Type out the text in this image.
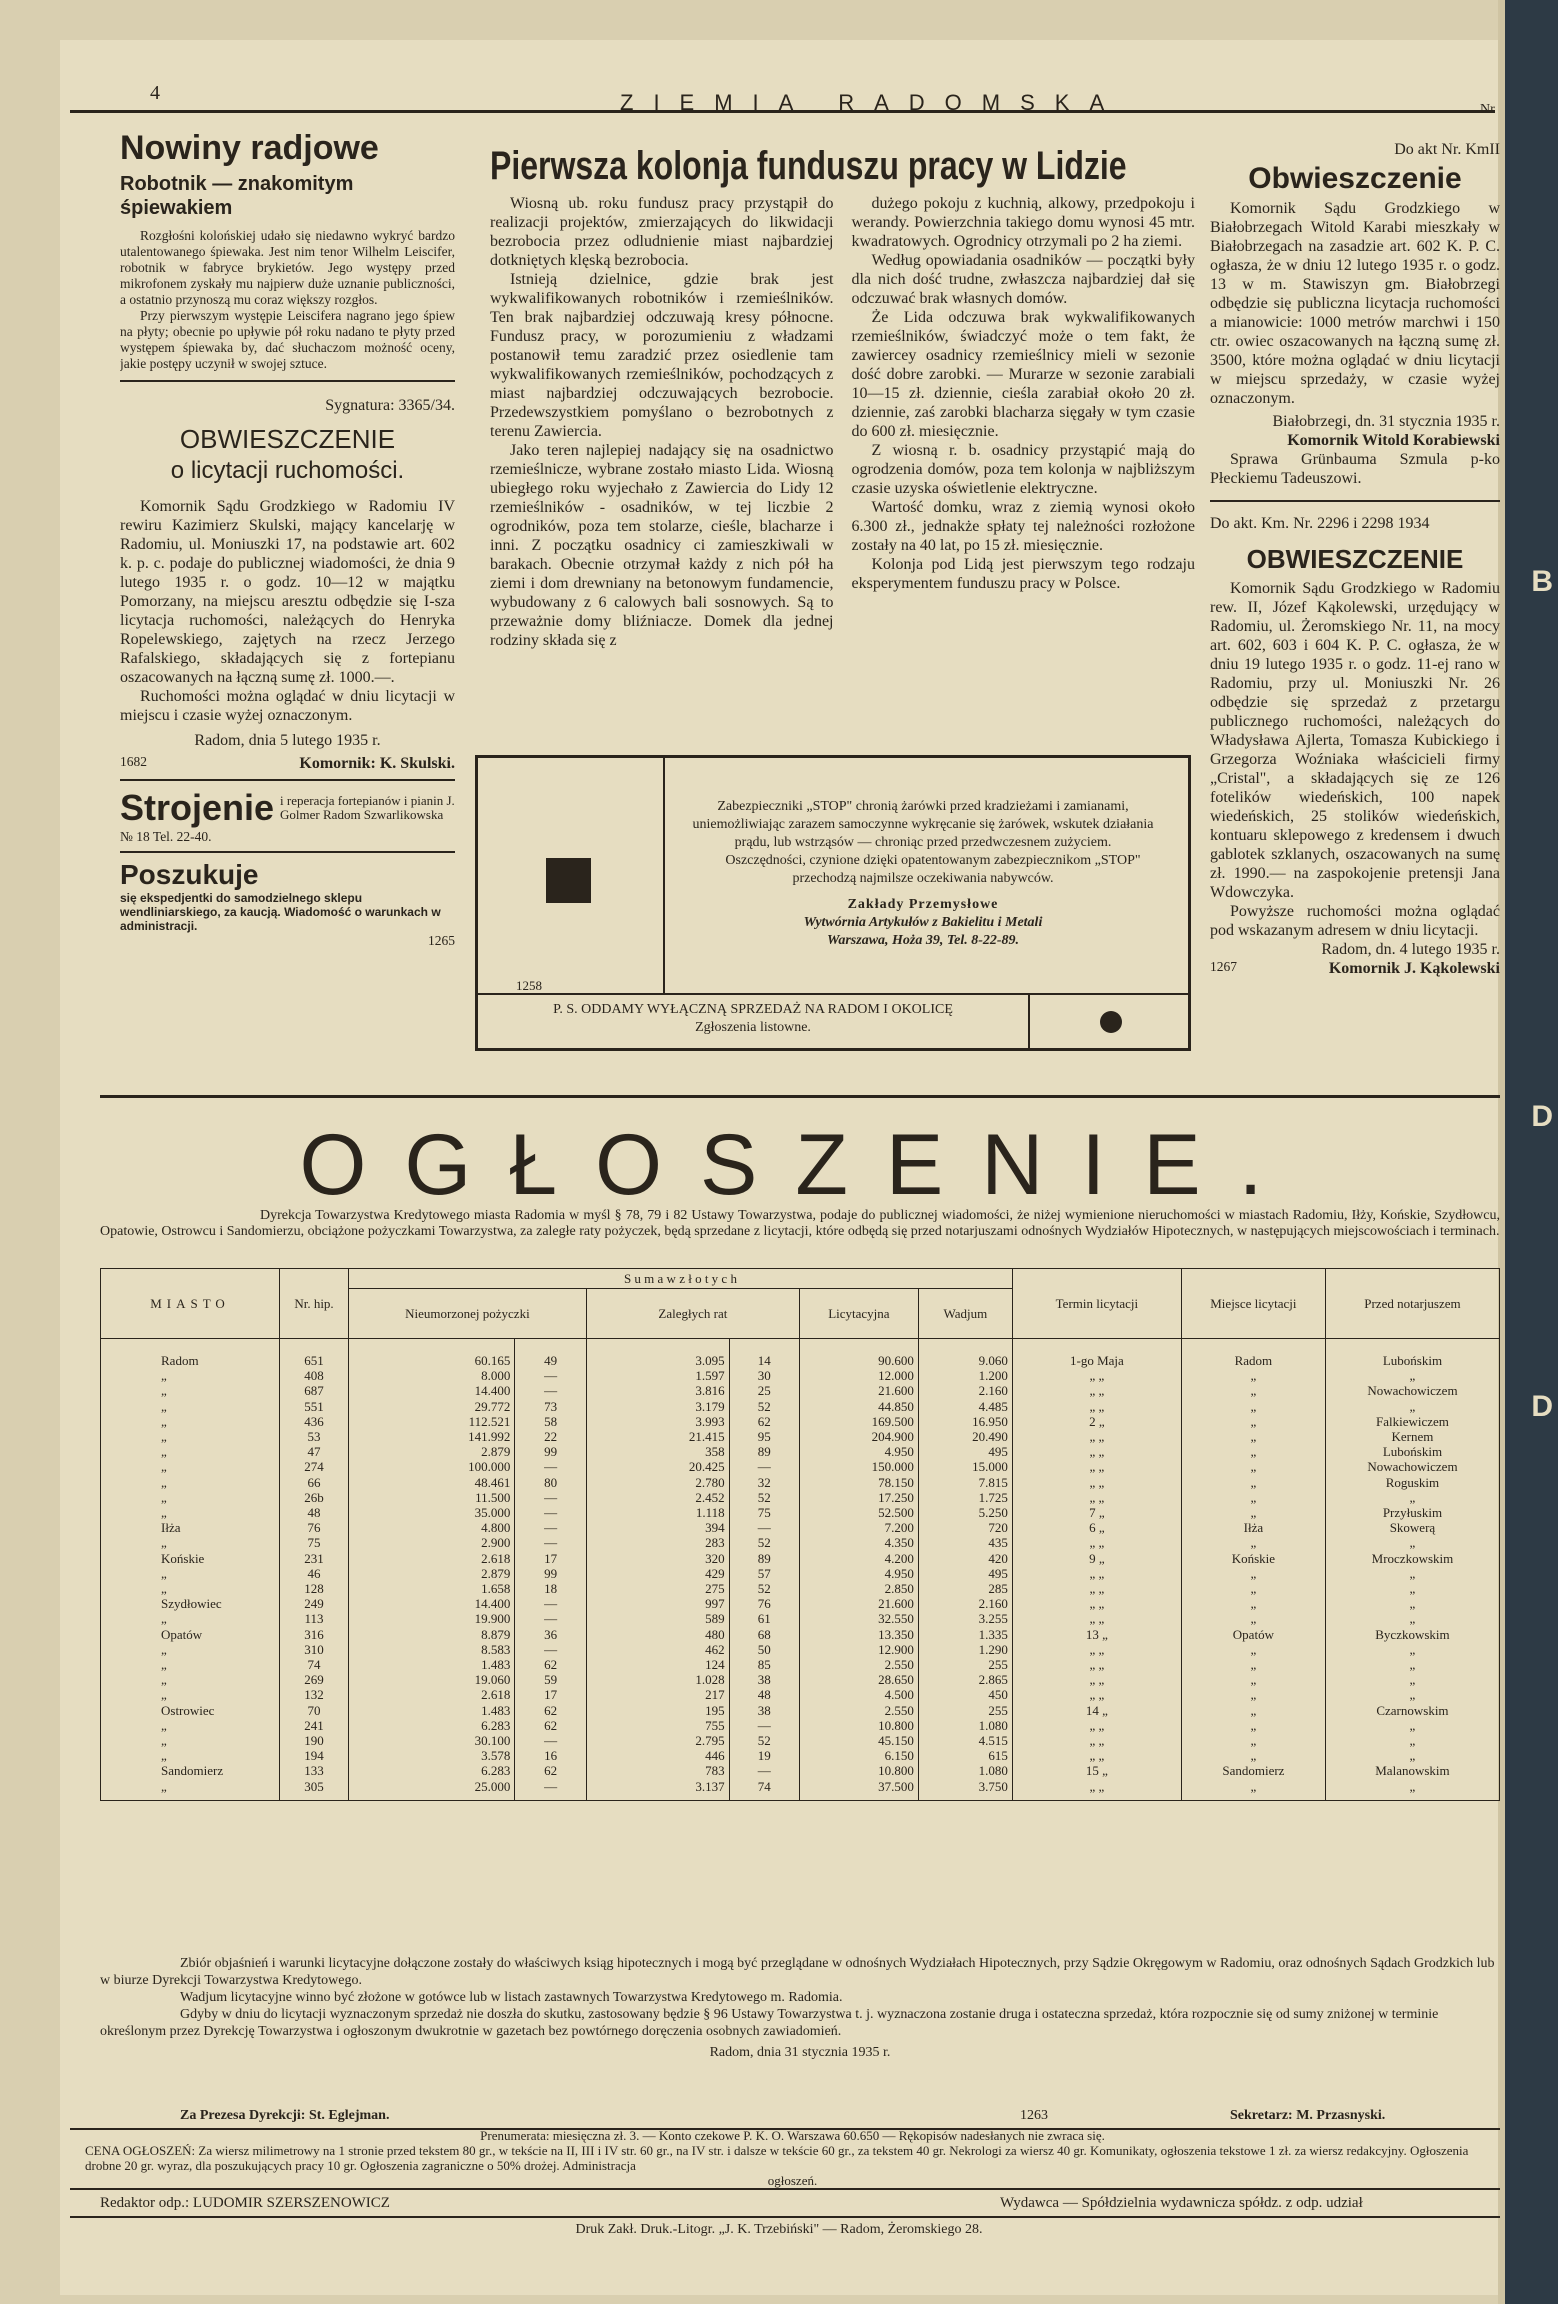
4	ZIEMIA RADOMSKA	Nr
Nowiny radjowe
Robotnik — znakomitym śpiewakiem

Rozgłośni kolońskiej udało się niedawno wykryć bardzo utalentowanego śpiewaka. Jest nim tenor Wilhelm Leiscifer, robotnik w fabryce brykietów. Jego występy przed mikrofonem zyskały mu najpierw duże uznanie publiczności, a ostatnio przynoszą mu coraz większy rozgłos.

Przy pierwszym występie Leiscifera nagrano jego śpiew na płyty; obecnie po upływie pół roku nadano te płyty przed występem śpiewaka by, dać słuchaczom możność oceny, jakie postępy uczynił w swojej sztuce.

Sygnatura: 3365/34.

OBWIESZCZENIE
o licytacji ruchomości.

Komornik Sądu Grodzkiego w Radomiu IV rewiru Kazimierz Skulski, mający kancelarję w Radomiu, ul. Moniuszki 17, na podstawie art. 602 k. p. c. podaje do publicznej wiadomości, że dnia 9 lutego 1935 r. o godz. 10—12 w majątku Pomorzany, na miejscu aresztu odbędzie się I-sza licytacja ruchomości, należących do Henryka Ropelewskiego, zajętych na rzecz Jerzego Rafalskiego, składających się z fortepianu oszacowanych na łączną sumę zł. 1000.—.

Ruchomości można oglądać w dniu licytacji w miejscu i czasie wyżej oznaczonym.

Radom, dnia 5 lutego 1935 r.

1682	Komornik: K. Skulski.
Strojenie i reperacja fortepianów i pianin J. Golmer Radom Szwarlikowska
№ 18 Tel. 22-40.
Poszukuje
się ekspedjentki do samodzielnego sklepu wendliniarskiego, za kaucją. Wiadomość o warunkach w administracji.
1265
Pierwsza kolonja funduszu pracy w Lidzie

Wiosną ub. roku fundusz pracy przystąpił do realizacji projektów, zmierzających do likwidacji bezrobocia przez odludnienie miast najbardziej dotkniętych klęską bezrobocia.

Istnieją dzielnice, gdzie brak jest wykwalifikowanych robotników i rzemieślników. Ten brak najbardziej odczuwają kresy północne. Fundusz pracy, w porozumieniu z władzami postanowił temu zaradzić przez osiedlenie tam wykwalifikowanych rzemieślników, pochodzących z miast najbardziej odczuwających bezrobocie. Przedewszystkiem pomyślano o bezrobotnych z terenu Zawiercia.

Jako teren najlepiej nadający się na osadnictwo rzemieślnicze, wybrane zostało miasto Lida. Wiosną ubiegłego roku wyjechało z Zawiercia do Lidy 12 rzemieślników - osadników, w tej liczbie 2 ogrodników, poza tem stolarze, cieśle, blacharze i inni. Z początku osadnicy ci zamieszkiwali w barakach. Obecnie otrzymał każdy z nich pół ha ziemi i dom drewniany na betonowym fundamencie, wybudowany z 6 calowych bali sosnowych. Są to przeważnie domy bliźniacze. Domek dla jednej rodziny składa się z

dużego pokoju z kuchnią, alkowy, przedpokoju i werandy. Powierzchnia takiego domu wynosi 45 mtr. kwadratowych. Ogrodnicy otrzymali po 2 ha ziemi.

Według opowiadania osadników — początki były dla nich dość trudne, zwłaszcza najbardziej dał się odczuwać brak własnych domów.

Że Lida odczuwa brak wykwalifikowanych rzemieślników, świadczyć może o tem fakt, że zawiercey osadnicy rzemieślnicy mieli w sezonie dość dobre zarobki. — Murarze w sezonie zarabiali 10—15 zł. dziennie, cieśla zarabiał około 20 zł. dziennie, zaś zarobki blacharza sięgały w tym czasie do 600 zł. miesięcznie.

Z wiosną r. b. osadnicy przystąpić mają do ogrodzenia domów, poza tem kolonja w najbliższym czasie uzyska oświetlenie elektryczne.

Wartość domku, wraz z ziemią wynosi około 6.300 zł., jednakże spłaty tej należności rozłożone zostały na 40 lat, po 15 zł. miesięcznie.

Kolonja pod Lidą jest pierwszym tego rodzaju eksperymentem funduszu pracy w Polsce.

1258

Zabezpieczniki „STOP" chronią żarówki przed kradzieżami i zamianami, uniemożliwiając zarazem samoczynne wykręcanie się żarówek, wskutek działania prądu, lub wstrząsów — chroniąc przed przedwczesnem zużyciem.

Oszczędności, czynione dzięki opatentowanym zabezpiecznikom „STOP" przechodzą najmilsze oczekiwania nabywców.

Zakłady Przemysłowe

Wytwórnia Artykułów z Bakielitu i Metali

Warszawa, Hoża 39, Tel. 8-22-89.

P. S. ODDAMY WYŁĄCZNĄ SPRZEDAŻ NA RADOM I OKOLICĘ
Zgłoszenia listowne.

Do akt Nr. KmII

Obwieszczenie

Komornik Sądu Grodzkiego w Białobrzegach Witold Karabi mieszkały w Białobrzegach na zasadzie art. 602 K. P. C. ogłasza, że w dniu 12 lutego 1935 r. o godz. 13 w m. Stawiszyn gm. Białobrzegi odbędzie się publiczna licytacja ruchomości a mianowicie: 1000 metrów marchwi i 150 ctr. owiec oszacowanych na łączną sumę zł. 3500, które można oglądać w dniu licytacji w miejscu sprzedaży, w czasie wyżej oznaczonym.

Białobrzegi, dn. 31 stycznia 1935 r.

Komornik Witold Korabiewski

Sprawa Grünbauma Szmula p-ko Płeckiemu Tadeuszowi.

Do akt. Km. Nr. 2296 i 2298 1934

OBWIESZCZENIE

Komornik Sądu Grodzkiego w Radomiu rew. II, Józef Kąkolewski, urzędujący w Radomiu, ul. Żeromskiego Nr. 11, na mocy art. 602, 603 i 604 K. P. C. ogłasza, że w dniu 19 lutego 1935 r. o godz. 11-ej rano w Radomiu, przy ul. Moniuszki Nr. 26 odbędzie się sprzedaż z przetargu publicznego ruchomości, należących do Władysława Ajlerta, Tomasza Kubickiego i Grzegorza Woźniaka właścicieli firmy „Cristal", a składających się ze 126 fotelików wiedeńskich, 100 napek wiedeńskich, 25 stolików wiedeńskich, kontuaru sklepowego z kredensem i dwuch gablotek szklanych, oszacowanych na sumę zł. 1990.— na zaspokojenie pretensji Jana Wdowczyka.

Powyższe ruchomości można oglądać pod wskazanym adresem w dniu licytacji.

Radom, dn. 4 lutego 1935 r.

1267	Komornik J. Kąkolewski
B
D
D
OGŁOSZENIE.
Dyrekcja Towarzystwa Kredytowego miasta Radomia w myśl § 78, 79 i 82 Ustawy Towarzystwa, podaje do publicznej wiadomości, że niżej wymienione nieruchomości w miastach Radomiu, Iłży, Końskie, Szydłowcu, Opatowie, Ostrowcu i Sandomierzu, obciążone pożyczkami Towarzystwa, za zaległe raty pożyczek, będą sprzedane z licytacji, które odbędą się przed notarjuszami odnośnych Wydziałów Hipotecznych, w następujących miejscowościach i terminach.
MIASTO	Nr. hip.	S u m a w z ł o t y c h						Termin licytacji	Miejsce licytacji	Przed notarjuszem
		Nieumorzonej pożyczki		Zaległych rat		Licytacyjna	Wadjum			
Radom	651	60.165	49	3.095	14	90.600	9.060	1-go Maja	Radom	Lubońskim
„	408	8.000	—	1.597	30	12.000	1.200	„ „	„	„
„	687	14.400	—	3.816	25	21.600	2.160	„ „	„	Nowachowiczem
„	551	29.772	73	3.179	52	44.850	4.485	„ „	„	„
„	436	112.521	58	3.993	62	169.500	16.950	2 „	„	Falkiewiczem
„	53	141.992	22	21.415	95	204.900	20.490	„ „	„	Kernem
„	47	2.879	99	358	89	4.950	495	„ „	„	Lubońskim
„	274	100.000	—	20.425	—	150.000	15.000	„ „	„	Nowachowiczem
„	66	48.461	80	2.780	32	78.150	7.815	„ „	„	Roguskim
„	26b	11.500	—	2.452	52	17.250	1.725	„ „	„	„
„	48	35.000	—	1.118	75	52.500	5.250	7 „	„	Przyłuskim
Iłża	76	4.800	—	394	—	7.200	720	6 „	Iłża	Skowerą
„	75	2.900	—	283	52	4.350	435	„ „	„	„
Końskie	231	2.618	17	320	89	4.200	420	9 „	Końskie	Mroczkowskim
„	46	2.879	99	429	57	4.950	495	„ „	„	„
„	128	1.658	18	275	52	2.850	285	„ „	„	„
Szydłowiec	249	14.400	—	997	76	21.600	2.160	„ „	„	„
„	113	19.900	—	589	61	32.550	3.255	„ „	„	„
Opatów	316	8.879	36	480	68	13.350	1.335	13 „	Opatów	Byczkowskim
„	310	8.583	—	462	50	12.900	1.290	„ „	„	„
„	74	1.483	62	124	85	2.550	255	„ „	„	„
„	269	19.060	59	1.028	38	28.650	2.865	„ „	„	„
„	132	2.618	17	217	48	4.500	450	„ „	„	„
Ostrowiec	70	1.483	62	195	38	2.550	255	14 „	„	Czarnowskim
„	241	6.283	62	755	—	10.800	1.080	„ „	„	„
„	190	30.100	—	2.795	52	45.150	4.515	„ „	„	„
„	194	3.578	16	446	19	6.150	615	„ „	„	„
Sandomierz	133	6.283	62	783	—	10.800	1.080	15 „	Sandomierz	Malanowskim
„	305	25.000	—	3.137	74	37.500	3.750	„ „	„	„

Zbiór objaśnień i warunki licytacyjne dołączone zostały do właściwych ksiąg hipotecznych i mogą być przeglądane w odnośnych Wydziałach Hipotecznych, przy Sądzie Okręgowym w Radomiu, oraz odnośnych Sądach Grodzkich lub w biurze Dyrekcji Towarzystwa Kredytowego.

Wadjum licytacyjne winno być złożone w gotówce lub w listach zastawnych Towarzystwa Kredytowego m. Radomia.

Gdyby w dniu do licytacji wyznaczonym sprzedaż nie doszła do skutku, zastosowany będzie § 96 Ustawy Towarzystwa t. j. wyznaczona zostanie druga i ostateczna sprzedaż, która rozpocznie się od sumy zniżonej w terminie określonym przez Dyrekcję Towarzystwa i ogłoszonym dwukrotnie w gazetach bez powtórnego doręczenia osobnych zawiadomień.

Radom, dnia 31 stycznia 1935 r.

Za Prezesa Dyrekcji: St. Eglejman.	1263	Sekretarz: M. Przasnyski.
Prenumerata: miesięczna zł. 3. — Konto czekowe P. K. O. Warszawa 60.650 — Rękopisów nadesłanych nie zwraca się.
CENA OGŁOSZEŃ: Za wiersz milimetrowy na 1 stronie przed tekstem 80 gr., w tekście na II, III i IV str. 60 gr., na IV str. i dalsze w tekście 60 gr., za tekstem 40 gr. Nekrologi za wiersz 40 gr. Komunikaty, ogłoszenia tekstowe 1 zł. za wiersz redakcyjny. Ogłoszenia drobne 20 gr. wyraz, dla poszukujących pracy 10 gr. Ogłoszenia zagraniczne o 50% drożej. Administracja
ogłoszeń.
Redaktor odp.: LUDOMIR SZERSZENOWICZ	Wydawca — Spółdzielnia wydawnicza spółdz. z odp. udział
Druk Zakł. Druk.-Litogr. „J. K. Trzebiński" — Radom, Żeromskiego 28.
